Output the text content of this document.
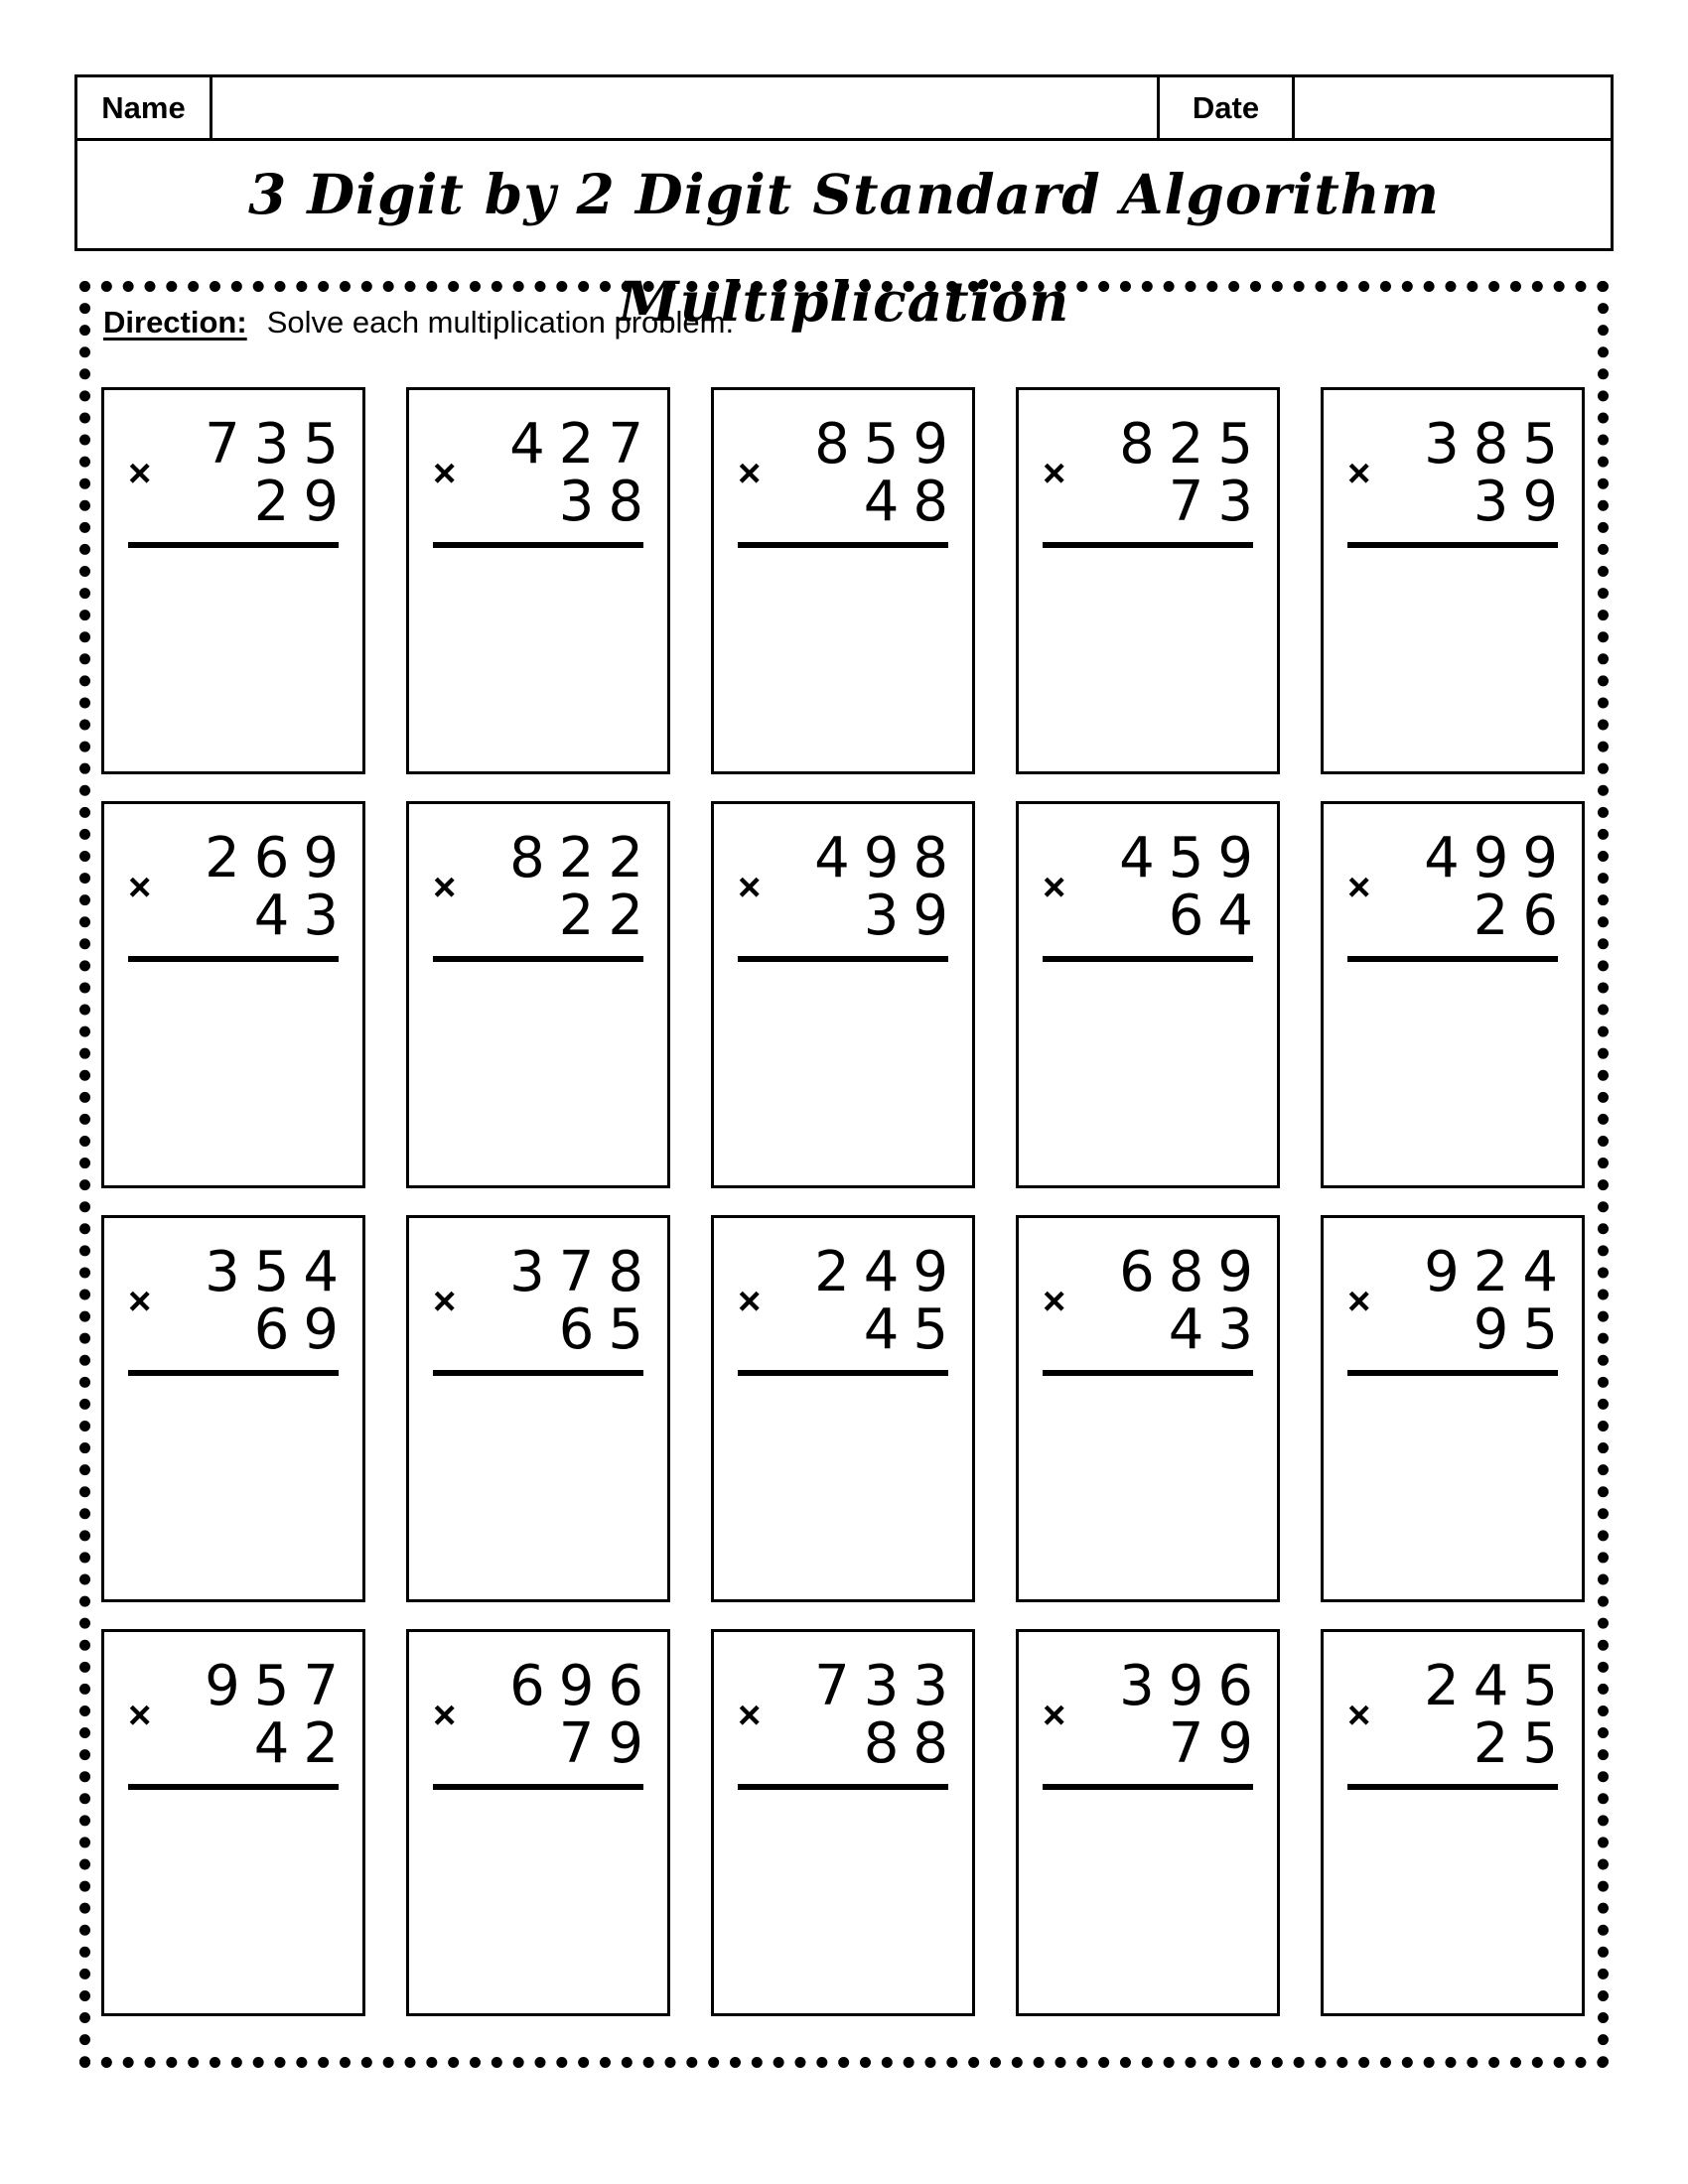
Name	Date
3 Digit by 2 Digit Standard Algorithm Multiplication
Direction: Solve each multiplication problem.
× 735
29 × 427
38 × 859
48 × 825
73 × 385
39
× 269
43 × 822
22 × 498
39 × 459
64 × 499
26
× 354
69 × 378
65 × 249
45 × 689
43 × 924
95
× 957
42 × 696
79 × 733
88 × 396
79 × 245
25
